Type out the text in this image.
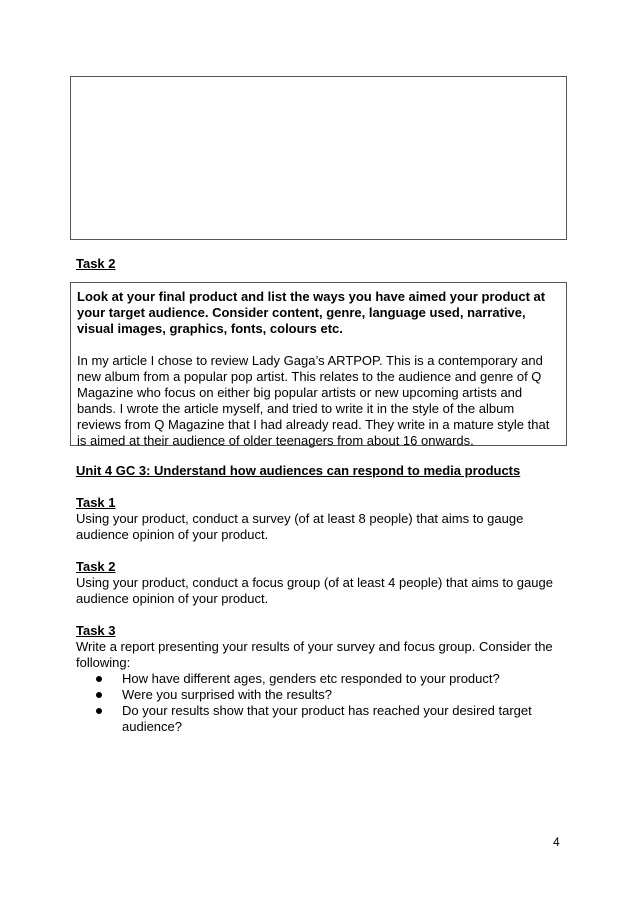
Task 2

Look at your final product and list the ways you have aimed your product at your target audience. Consider content, genre, language used, narrative, visual images, graphics, fonts, colours etc.

In my article I chose to review Lady Gaga’s ARTPOP. This is a contemporary and new album from a popular pop artist. This relates to the audience and genre of Q Magazine who focus on either big popular artists or new upcoming artists and bands. I wrote the article myself, and tried to write it in the style of the album reviews from Q Magazine that I had already read. They write in a mature style that is aimed at their audience of older teenagers from about 16 onwards.

Unit 4 GC 3: Understand how audiences can respond to media products

Task 1

Using your product, conduct a survey (of at least 8 people) that aims to gauge audience opinion of your product.

Task 2

Using your product, conduct a focus group (of at least 4 people) that aims to gauge audience opinion of your product.

Task 3

Write a report presenting your results of your survey and focus group. Consider the following:

How have different ages, genders etc responded to your product?
Were you surprised with the results?
Do your results show that your product has reached your desired target audience?
4
